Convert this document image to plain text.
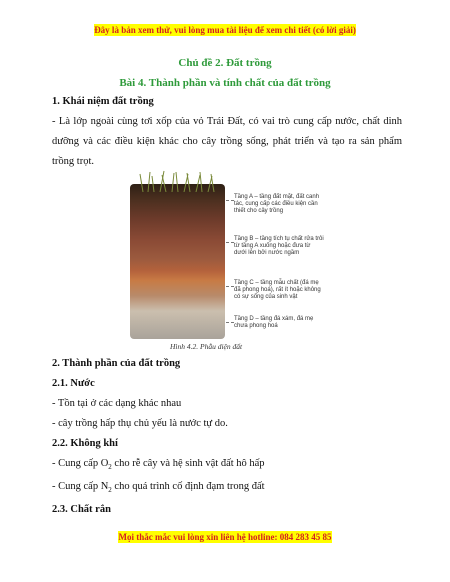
Đây là bản xem thử, vui lòng mua tài liệu để xem chi tiết (có lời giải)
Chủ đề 2. Đất trồng
Bài 4. Thành phần và tính chất của đất trồng
1. Khái niệm đất trồng
- Là lớp ngoài cùng tơi xốp của vỏ Trái Đất, có vai trò cung cấp nước, chất dinh dưỡng và các điều kiện khác cho cây trồng sống, phát triển và tạo ra sản phẩm trồng trọt.
Tầng A – tầng đất mặt, đất canh tác, cung cấp các điều kiện cần thiết cho cây trồng
Tầng B – tầng tích tụ chất rửa trôi từ tầng A xuống hoặc đưa từ dưới lên bởi nước ngầm
Tầng C – tầng mẫu chất (đá mẹ đã phong hoá), rất ít hoặc không có sự sống của sinh vật
Tầng D – tầng đá xám, đá mẹ chưa phong hoá
Hình 4.2. Phẫu diện đất
2. Thành phần của đất trồng
2.1. Nước
- Tồn tại ở các dạng khác nhau
- cây trồng hấp thụ chủ yếu là nước tự do.
2.2. Không khí
- Cung cấp $O_2$ cho rễ cây và hệ sinh vật đất hô hấp
- Cung cấp $N_2$ cho quá trình cố định đạm trong đất
2.3. Chất rắn
Mọi thắc mắc vui lòng xin liên hệ hotline: 084 283 45 85
